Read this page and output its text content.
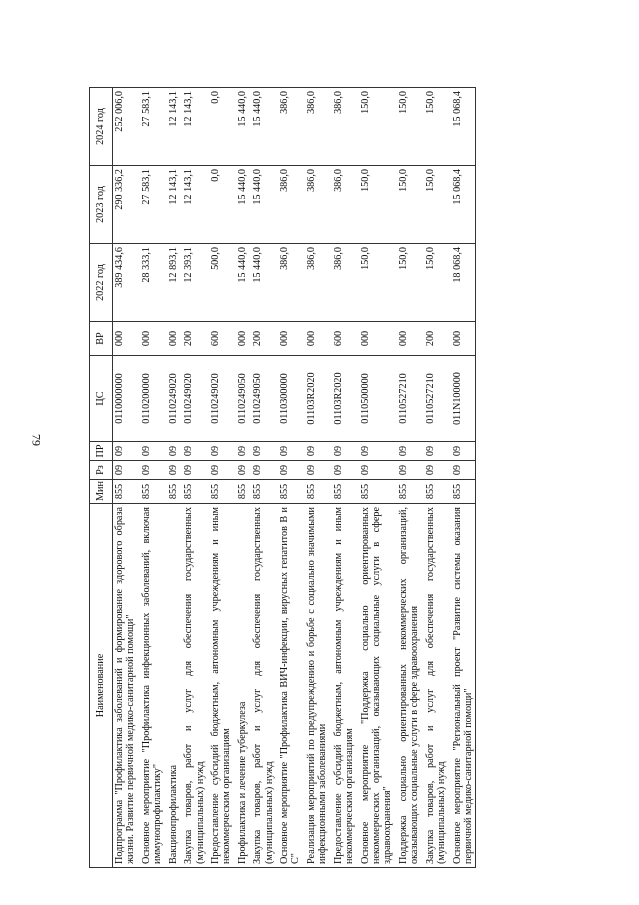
79
Наименование	Мин	Рз	ПР	ЦС	ВР	2022 год	2023 год	2024 год
Подпрограмма "Профилактика заболеваний и формирование здорового образа жизни. Развитие первичной медико-санитарной помощи"	855	09	09	0110000000	000	389 434,6	290 336,2	252 006,0
Основное мероприятие "Профилактика инфекционных заболеваний, включая иммунопрофилактику"	855	09	09	0110200000	000	28 333,1	27 583,1	27 583,1
Вакцинопрофилактика	855	09	09	0110249020	000	12 893,1	12 143,1	12 143,1
Закупка товаров, работ и услуг для обеспечения государственных (муниципальных) нужд	855	09	09	0110249020	200	12 393,1	12 143,1	12 143,1
Предоставление субсидий бюджетным, автономным учреждениям и иным некоммерческим организациям	855	09	09	0110249020	600	500,0	0,0	0,0
Профилактика и лечение туберкулеза	855	09	09	0110249050	000	15 440,0	15 440,0	15 440,0
Закупка товаров, работ и услуг для обеспечения государственных (муниципальных) нужд	855	09	09	0110249050	200	15 440,0	15 440,0	15 440,0
Основное мероприятие "Профилактика ВИЧ-инфекции, вирусных гепатитов В и С"	855	09	09	0110300000	000	386,0	386,0	386,0
Реализация мероприятий по предупреждению и борьбе с социально значимыми инфекционными заболеваниями	855	09	09	01103R2020	000	386,0	386,0	386,0
Предоставление субсидий бюджетным, автономным учреждениям и иным некоммерческим организациям	855	09	09	01103R2020	600	386,0	386,0	386,0
Основное мероприятие "Поддержка социально ориентированных некоммерческих организаций, оказывающих социальные услуги в сфере здравоохранения"	855	09	09	0110500000	000	150,0	150,0	150,0
Поддержка социально ориентированных некоммерческих организаций, оказывающих социальные услуги в сфере здравоохранения	855	09	09	0110527210	000	150,0	150,0	150,0
Закупка товаров, работ и услуг для обеспечения государственных (муниципальных) нужд	855	09	09	0110527210	200	150,0	150,0	150,0
Основное мероприятие "Региональный проект "Развитие системы оказания первичной медико-санитарной помощи"	855	09	09	011N100000	000	18 068,4	15 068,4	15 068,4
